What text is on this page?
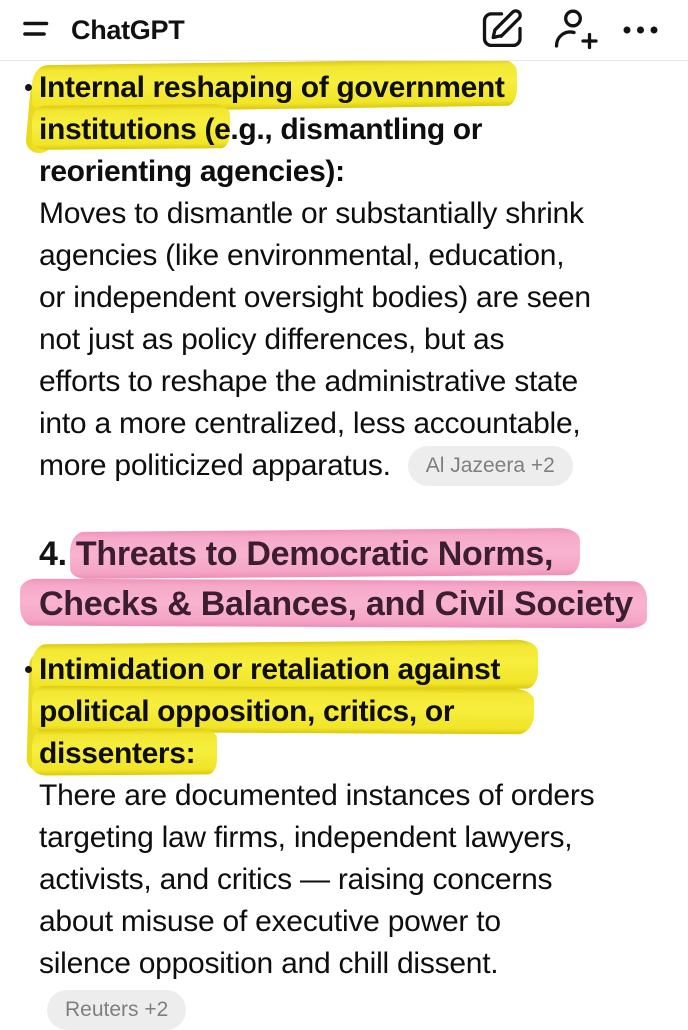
ChatGPT
Internal reshaping of government
institutions (e.g., dismantling or
reorienting agencies):
Moves to dismantle or substantially shrink
agencies (like environmental, education,
or independent oversight bodies) are seen
not just as policy differences, but as
efforts to reshape the administrative state
into a more centralized, less accountable,
more politicized apparatus. Al Jazeera +2
4. Threats to Democratic Norms,
Checks & Balances, and Civil Society
Intimidation or retaliation against
political opposition, critics, or
dissenters:
There are documented instances of orders
targeting law firms, independent lawyers,
activists, and critics — raising concerns
about misuse of executive power to
silence opposition and chill dissent.
Reuters +2
